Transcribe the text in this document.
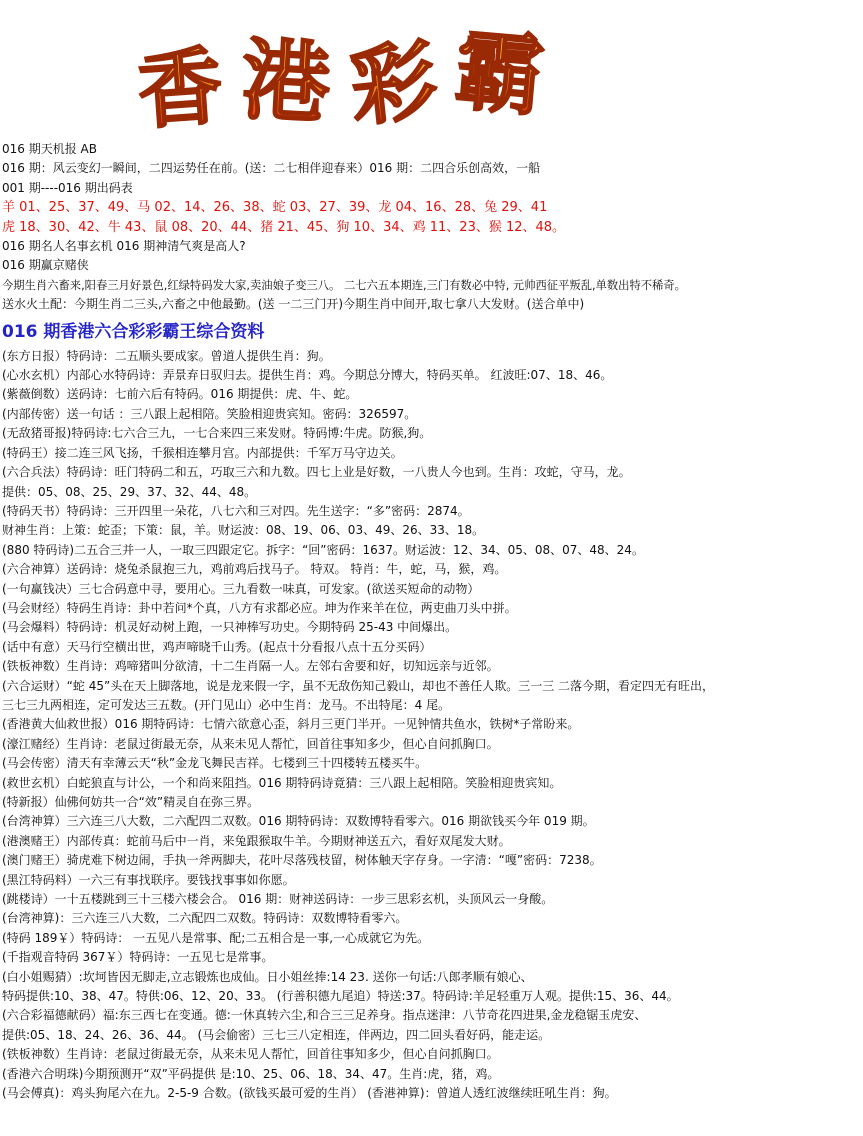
香 港 彩 霸
016 期天机报 AB
016 期：风云变幻一瞬间，二四运势任在前。(送：二七相伴迎春来）016 期：二四合乐创高效，一船
001 期----016 期出码表
羊 01、25、37、49、马 02、14、26、38、蛇 03、27、39、龙 04、16、28、兔 29、41
虎 18、30、42、牛 43、鼠 08、20、44、猪 21、45、狗 10、34、鸡 11、23、猴 12、48。
016 期名人名事玄机 016 期神清气爽是高人?
016 期赢京赌侠
今期生肖六畜来,阳春三月好景色,红绿特码发大家,卖油娘子变三八。 二七六五本期连,三门有数必中特, 元帅西征平叛乱,单数出特不稀奇。
送水火土配：今期生肖二三头,六畜之中他最勤。(送 一二三门开)今期生肖中间开,取七拿八大发财。(送合单中)
016 期香港六合彩彩霸王综合资料
(东方日报）特码诗：二五顺头要成家。曾道人提供生肖：狗。
(心水玄机）内部心水特码诗：弄景弃日驭归去。提供生肖：鸡。今期总分博大，特码买单。 红波旺:07、18、46。
(紫薇倒数）送码诗：七前六后有特码。016 期提供：虎、牛、蛇。
(内部传密）送一句话 ：三八跟上起相陪。笑脸相迎贵宾知。密码：326597。
(无敌猪哥报)特码诗:七六合三九，一七合来四三来发财。特码博:牛虎。防猴,狗。
(特码王）接二连三风飞扬，千猴相连攀月宫。内部提供：千军万马守边关。
(六合兵法）特码诗：旺门特码二和五，巧取三六和九数。四七上业是好数，一八贵人今也到。生肖：攻蛇，守马，龙。
提供：05、08、25、29、37、32、44、48。
(特码天书）特码诗：三开四里一朵花，八七六和三对四。先生送字：“多”密码：2874。
财神生肖：上策：蛇歪；下策：鼠，羊。财运波：08、19、06、03、49、26、33、18。
(880 特码诗)二五合三并一人，一取三四跟定它。拆字：“回”密码：1637。财运波：12、34、05、08、07、48、24。
(六合神算）送码诗：烧兔杀鼠抱三九，鸡前鸡后找马子。 特双。 特肖：牛，蛇，马，猴，鸡。
(一句赢钱决）三七合码意中寻，要用心。三九看数一味真，可发家。(欲送买短命的动物）
(马会财经）特码生肖诗：卦中若问*个真，八方有求都必应。坤为作来羊在位，两吏曲刀头中拼。
(马会爆料）特码诗：机灵好动树上跑，一只神棒写功史。今期特码 25-43 中间爆出。
(话中有意）天马行空横出世，鸡声啼晓千山秀。(起点十分看报八点十五分买码）
(铁板神数）生肖诗：鸡啼猪叫分欲清，十二生肖隔一人。左邻右舍要和好，切知远亲与近邻。
(六合运财）“蛇 45”头在天上脚落地，说是龙来假一字，虽不无敌伤知己毅山，却也不善任人欺。三一三 二落今期，看定四无有旺出，
三七三九两相连，定可发达三五数。(开门见山）必中生肖：龙马。不出特尾：4 尾。
(香港黄大仙救世报）016 期特码诗：七情六欲意心歪，斜月三更门半开。一见钟情共鱼水，铁树*子常盼来。
(濠江赌经）生肖诗：老鼠过街最无奈，从来未见人帮忙，回首往事知多少，但心自问抓胸口。
(马会传密）清天有幸薄云天“秋”金龙飞舞民吉祥。七楼到三十四楼转五楼买牛。
(救世玄机）白蛇狼直与计公，一个和尚来阻挡。016 期特码诗竟猜：三八跟上起相陪。笑脸相迎贵宾知。
(特新报）仙佛何妨共一合“效”精灵自在弥三界。
(台湾神算）三六连三八大数，二六配四二双数。016 期特码诗：双数博特看零六。016 期欲钱买今年 019 期。
(港澳赌王）内部传真：蛇前马后中一肖，来兔跟猴取牛羊。今期财神送五六，看好双尾发大财。
(澳门赌王）骑虎难下树边闹，手执一斧两脚夫，花叶尽落残枝留，树体触天字存身。一字清：“嘎”密码：7238。
(黑江特码料）一六三有事找联序。要钱找事事如你愿。
(跳楼诗）一十五楼跳到三十三楼六楼会合。 016 期：财神送码诗：一步三思彩玄机，头顶风云一身酸。
(台湾神算)：三六连三八大数，二六配四二双数。特码诗：双数博特看零六。
(特码 189￥）特码诗： 一五见八是常事、配;二五相合是一事,一心成就它为先。
(千指观音特码 367￥）特码诗：一五见七是常事。
(白小姐赐猜）:坎坷皆因无脚走,立志锻炼也成仙。日小姐丝捧:14 23. 送你一句话:八郎孝顺有娘心、
特码提供:10、38、47。特供:06、12、20、33。 (行善积德九尾追）特送:37。特码诗:羊足轻重万人观。提供:15、36、44。
(六合彩福德献码）福:东三西七在变通。德:一休真转六尘,和合三三足养身。指点迷津：八节奇花四进果,金龙稳锯玉虎安、
提供:05、18、24、26、36、44。 (马会偷密）三七三八定相连，伴两边，四二回头看好码，能走运。
(铁板神数）生肖诗：老鼠过街最无奈，从来未见人帮忙，回首往事知多少，但心自问抓胸口。
(香港六合明珠)今期预测开“双”平码提供 是:10、25、06、18、34、47。生肖:虎，猪，鸡。
(马会傅真)：鸡头狗尾六在九。2-5-9 合数。(欲钱买最可爱的生肖） (香港神算)：曾道人透红波继续旺吼生肖：狗。
